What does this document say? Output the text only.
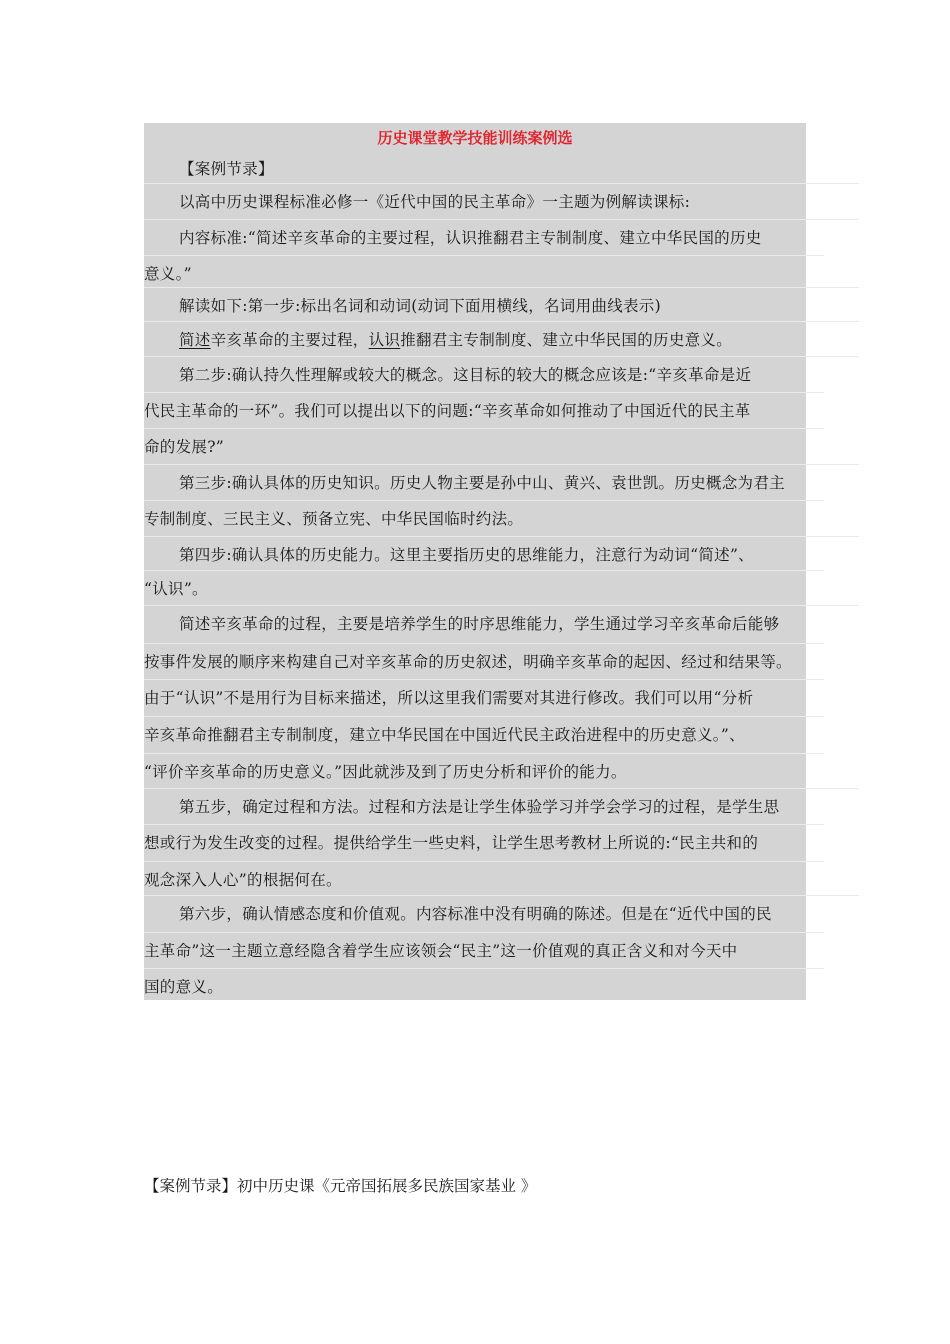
历史课堂教学技能训练案例选
【案例节录】
以高中历史课程标准必修一《近代中国的民主革命》一主题为例解读课标:
内容标准:“简述辛亥革命的主要过程，认识推翻君主专制制度、建立中华民国的历史
意义。”
解读如下:第一步:标出名词和动词(动词下面用横线，名词用曲线表示)
简述辛亥革命的主要过程，认识推翻君主专制制度、建立中华民国的历史意义。
第二步:确认持久性理解或较大的概念。这目标的较大的概念应该是:“辛亥革命是近
代民主革命的一环”。我们可以提出以下的问题:“辛亥革命如何推动了中国近代的民主革
命的发展?”
第三步:确认具体的历史知识。历史人物主要是孙中山、黄兴、袁世凯。历史概念为君主
专制制度、三民主义、预备立宪、中华民国临时约法。
第四步:确认具体的历史能力。这里主要指历史的思维能力，注意行为动词“简述”、
“认识”。
简述辛亥革命的过程，主要是培养学生的时序思维能力，学生通过学习辛亥革命后能够
按事件发展的顺序来构建自己对辛亥革命的历史叙述，明确辛亥革命的起因、经过和结果等。
由于“认识”不是用行为目标来描述，所以这里我们需要对其进行修改。我们可以用“分析
辛亥革命推翻君主专制制度，建立中华民国在中国近代民主政治进程中的历史意义。”、
“评价辛亥革命的历史意义。”因此就涉及到了历史分析和评价的能力。
第五步，确定过程和方法。过程和方法是让学生体验学习并学会学习的过程，是学生思
想或行为发生改变的过程。提供给学生一些史料，让学生思考教材上所说的:“民主共和的
观念深入人心”的根据何在。
第六步，确认情感态度和价值观。内容标准中没有明确的陈述。但是在“近代中国的民
主革命”这一主题立意经隐含着学生应该领会“民主”这一价值观的真正含义和对今天中
国的意义。
【案例节录】初中历史课《元帝国拓展多民族国家基业 》
